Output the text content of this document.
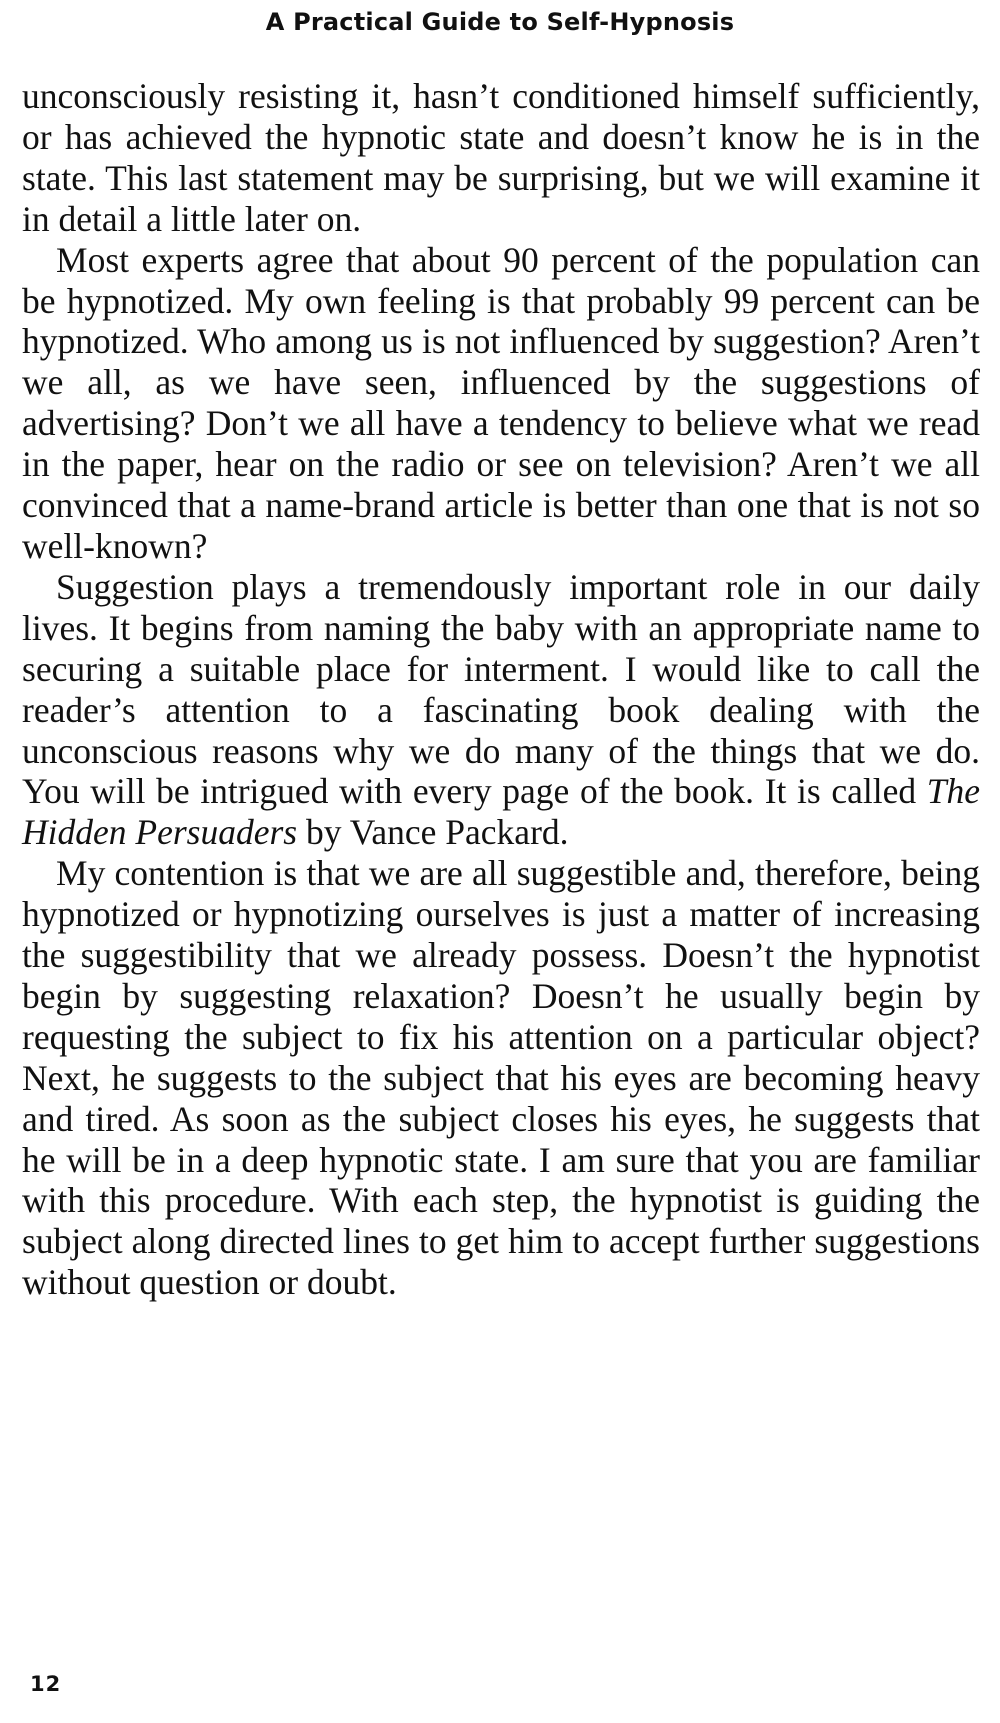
A Practical Guide to Self-Hypnosis

unconsciously resisting it, hasn’t conditioned himself sufficiently, or has achieved the hypnotic state and doesn’t know he is in the state. This last statement may be surprising, but we will examine it in detail a little later on.

Most experts agree that about 90 percent of the population can be hypnotized. My own feeling is that probably 99 percent can be hypnotized. Who among us is not influenced by suggestion? Aren’t we all, as we have seen, influenced by the suggestions of advertising? Don’t we all have a tendency to believe what we read in the paper, hear on the radio or see on television? Aren’t we all convinced that a name-brand article is better than one that is not so well-known?

Suggestion plays a tremendously important role in our daily lives. It begins from naming the baby with an appropriate name to securing a suitable place for interment. I would like to call the reader’s attention to a fascinating book dealing with the unconscious reasons why we do many of the things that we do. You will be intrigued with every page of the book. It is called The Hidden Persuaders by Vance Packard.

My contention is that we are all suggestible and, therefore, being hypnotized or hypnotizing ourselves is just a matter of increasing the suggestibility that we already possess. Doesn’t the hypnotist begin by suggesting relaxation? Doesn’t he usually begin by requesting the subject to fix his attention on a particular object? Next, he suggests to the subject that his eyes are becoming heavy and tired. As soon as the subject closes his eyes, he suggests that he will be in a deep hypnotic state. I am sure that you are familiar with this procedure. With each step, the hypnotist is guiding the subject along directed lines to get him to accept further suggestions without question or doubt.

12
